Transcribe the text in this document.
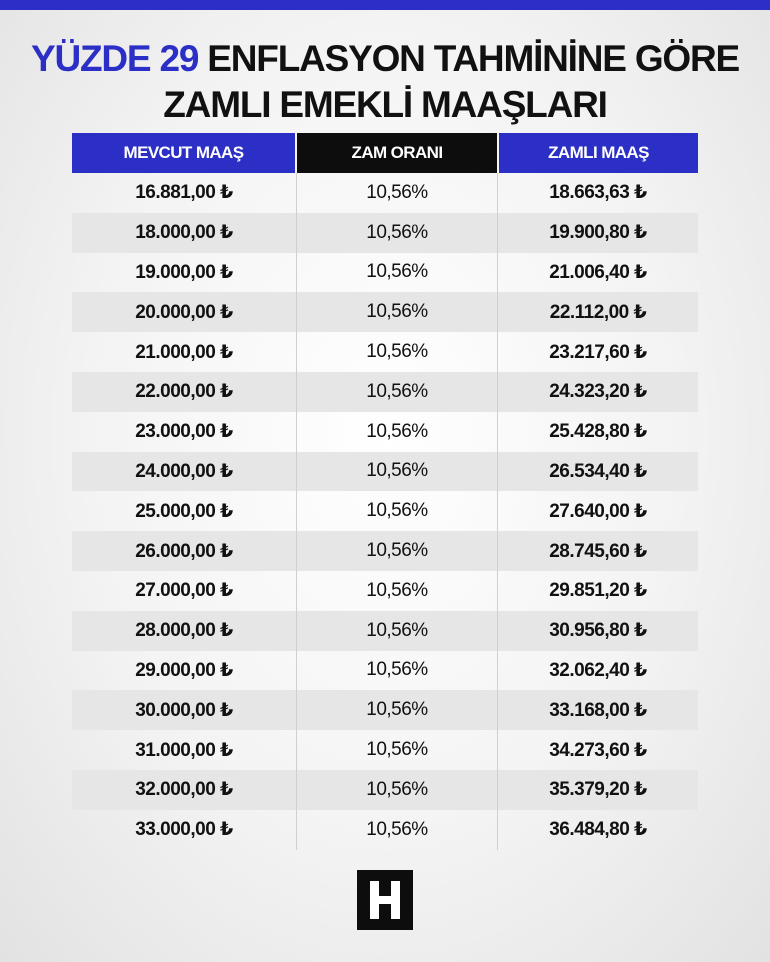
YÜZDE 29 ENFLASYON TAHMİNİNE GÖRE
ZAMLI EMEKLİ MAAŞLARI
MEVCUT MAAŞ	ZAM ORANI	ZAMLI MAAŞ
16.881,00 ₺	10,56%	18.663,63 ₺
18.000,00 ₺	10,56%	19.900,80 ₺
19.000,00 ₺	10,56%	21.006,40 ₺
20.000,00 ₺	10,56%	22.112,00 ₺
21.000,00 ₺	10,56%	23.217,60 ₺
22.000,00 ₺	10,56%	24.323,20 ₺
23.000,00 ₺	10,56%	25.428,80 ₺
24.000,00 ₺	10,56%	26.534,40 ₺
25.000,00 ₺	10,56%	27.640,00 ₺
26.000,00 ₺	10,56%	28.745,60 ₺
27.000,00 ₺	10,56%	29.851,20 ₺
28.000,00 ₺	10,56%	30.956,80 ₺
29.000,00 ₺	10,56%	32.062,40 ₺
30.000,00 ₺	10,56%	33.168,00 ₺
31.000,00 ₺	10,56%	34.273,60 ₺
32.000,00 ₺	10,56%	35.379,20 ₺
33.000,00 ₺	10,56%	36.484,80 ₺
